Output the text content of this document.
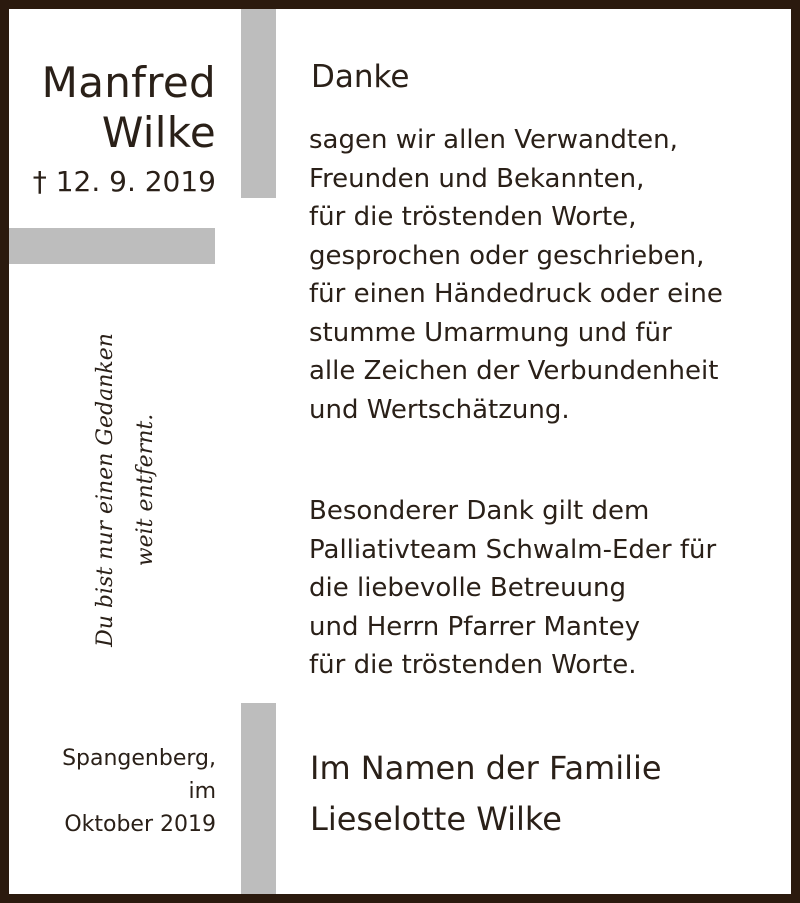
Manfred
Wilke
† 12. 9. 2019
Du bist nur einen Gedanken weit entfernt.
Spangenberg,
im
Oktober 2019
Danke
sagen wir allen Verwandten,
Freunden und Bekannten,
für die tröstenden Worte,
gesprochen oder geschrieben,
für einen Händedruck oder eine
stumme Umarmung und für
alle Zeichen der Verbundenheit
und Wertschätzung.
Besonderer Dank gilt dem
Palliativteam Schwalm-Eder für
die liebevolle Betreuung
und Herrn Pfarrer Mantey
für die tröstenden Worte.
Im Namen der Familie
Lieselotte Wilke
